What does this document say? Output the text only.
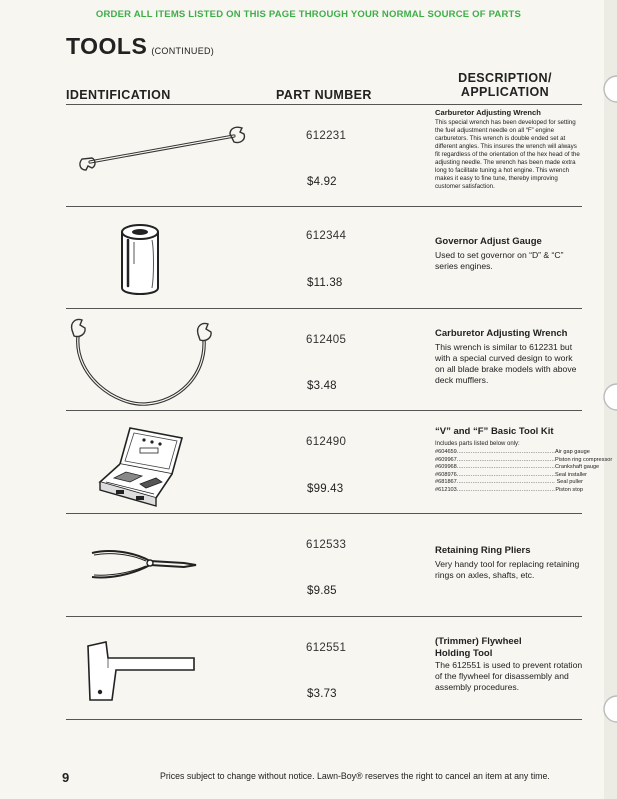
ORDER ALL ITEMS LISTED ON THIS PAGE THROUGH YOUR NORMAL SOURCE OF PARTS
TOOLS (CONTINUED)
IDENTIFICATION	PART NUMBER
DESCRIPTION/
APPLICATION
612231
$4.92
Carburetor Adjusting Wrench
This special wrench has been developed for setting the fuel adjustment needle on all “F” engine carburetors. This wrench is double ended set at different angles. This insures the wrench will always fit regardless of the orientation of the hex head of the adjusting needle. The wrench has been made extra long to facilitate tuning a hot engine. This wrench makes it easy to fine tune, thereby improving customer satisfaction.
612344
$11.38
Governor Adjust Gauge
Used to set governor on “D” & “C” series engines.
612405
$3.48
Carburetor Adjusting Wrench
This wrench is similar to 612231 but with a special curved design to work on all blade brake models with above deck mufflers.
612490
$99.43
“V” and “F” Basic Tool Kit
Includes parts listed below only:
#604659 ........................................................ Air gap gauge
#609967 ........................................................ Piston ring compressor
#609968 ........................................................ Crankshaft gauge
#608976 ........................................................ Seal installer
#681867 ........................................................ Seal puller
#612103 ........................................................ Piston stop
612533
$9.85
Retaining Ring Pliers
Very handy tool for replacing retaining rings on axles, shafts, etc.
612551
$3.73
(Trimmer) Flywheel
Holding Tool
The 612551 is used to prevent rotation of the flywheel for disassembly and assembly procedures.
9	Prices subject to change without notice. Lawn-Boy® reserves the right to cancel an item at any time.
